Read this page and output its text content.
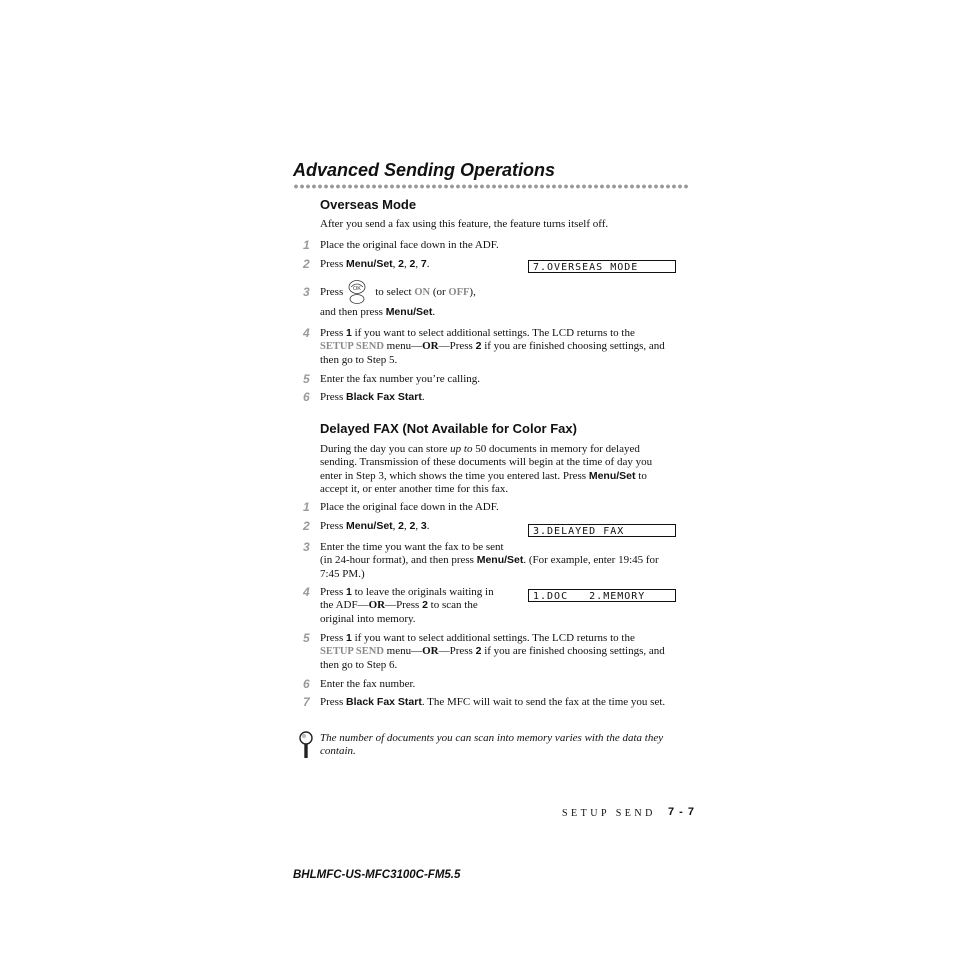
Advanced Sending Operations
Overseas Mode
After you send a fax using this feature, the feature turns itself off.
1 Place the original face down in the ADF.
2 Press Menu/Set, 2, 2, 7.	7.OVERSEAS MODE
3 Press	to select ON (or OFF),
OK
and then press Menu/Set.
4 Press 1 if you want to select additional settings. The LCD returns to the
SETUP SEND menu—OR—Press 2 if you are finished choosing settings, and
then go to Step 5.
5 Enter the fax number you’re calling.
6 Press Black Fax Start.
Delayed FAX (Not Available for Color Fax)
During the day you can store up to 50 documents in memory for delayed
sending. Transmission of these documents will begin at the time of day you
enter in Step 3, which shows the time you entered last. Press Menu/Set to
accept it, or enter another time for this fax.
1 Place the original face down in the ADF.
2 Press Menu/Set, 2, 2, 3.	3.DELAYED FAX
3 Enter the time you want the fax to be sent
(in 24-hour format), and then press Menu/Set. (For example, enter 19:45 for
7:45 PM.)
4 Press 1 to leave the originals waiting in
the ADF—OR—Press 2 to scan the
original into memory.
1.DOC   2.MEMORY
5 Press 1 if you want to select additional settings. The LCD returns to the
SETUP SEND menu—OR—Press 2 if you are finished choosing settings, and
then go to Step 6.
6 Enter the fax number.
7 Press Black Fax Start. The MFC will wait to send the fax at the time you set.
The number of documents you can scan into memory varies with the data they contain.
SETUP SEND 7 - 7
BHLMFC-US-MFC3100C-FM5.5
